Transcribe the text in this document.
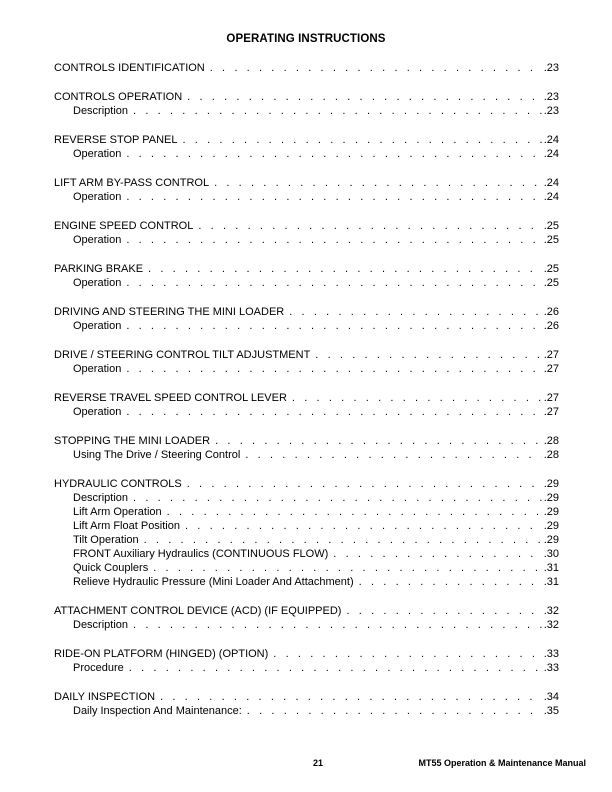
OPERATING INSTRUCTIONS
CONTROLS IDENTIFICATION . . .	.23
CONTROLS OPERATION . . .	.23
Description . . .	.23
REVERSE STOP PANEL . . .	.24
Operation . . .	.24
LIFT ARM BY-PASS CONTROL . . .	.24
Operation . . .	.24
ENGINE SPEED CONTROL . . .	.25
Operation . . .	.25
PARKING BRAKE . . .	.25
Operation . . .	.25
DRIVING AND STEERING THE MINI LOADER . . .	.26
Operation . . .	.26
DRIVE / STEERING CONTROL TILT ADJUSTMENT . . .	.27
Operation . . .	.27
REVERSE TRAVEL SPEED CONTROL LEVER . . .	.27
Operation . . .	.27
STOPPING THE MINI LOADER . . .	.28
Using The Drive / Steering Control . . .	.28
HYDRAULIC CONTROLS . . .	.29
Description . . .	.29
Lift Arm Operation . . .	.29
Lift Arm Float Position . . .	.29
Tilt Operation . . .	.29
FRONT Auxiliary Hydraulics (CONTINUOUS FLOW) . . .	.30
Quick Couplers . . .	.31
Relieve Hydraulic Pressure (Mini Loader And Attachment) . . .	.31
ATTACHMENT CONTROL DEVICE (ACD) (IF EQUIPPED) . . .	.32
Description . . .	.32
RIDE-ON PLATFORM (HINGED) (OPTION) . . .	.33
Procedure . . .	.33
DAILY INSPECTION . . .	.34
Daily Inspection And Maintenance: . . .	.35
21	MT55 Operation & Maintenance Manual
